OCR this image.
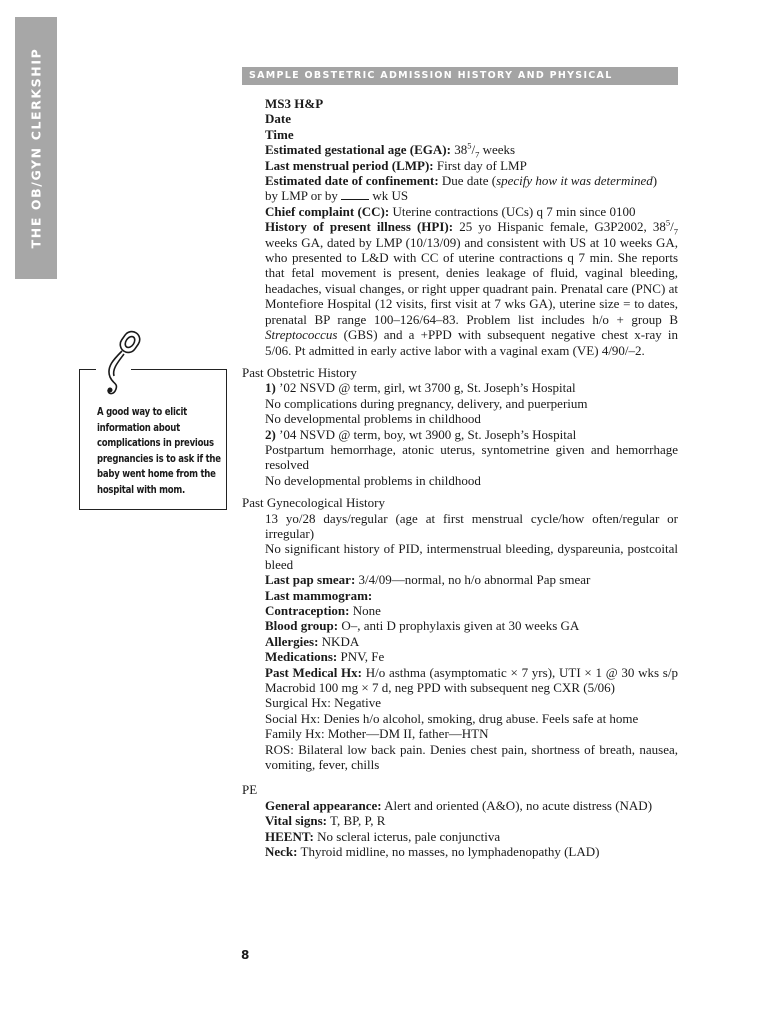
THE OB/GYN CLERKSHIP	SAMPLE OBSTETRIC ADMISSION HISTORY AND PHYSICAL

MS3 H&P

Date

Time

Estimated gestational age (EGA): $38^5/_7$ weeks

Last menstrual period (LMP): First day of LMP

Estimated date of confinement: Due date (specify how it was determined)
by LMP or by  wk US

Chief complaint (CC): Uterine contractions (UCs) q 7 min since 0100

History of present illness (HPI): 25 yo Hispanic female, G3P2002, $38^5/_7$ weeks GA, dated by LMP (10/13/09) and consistent with US at 10 weeks GA, who presented to L&D with CC of uterine contractions q 7 min. She reports that fetal movement is present, denies leakage of fluid, vaginal bleeding, headaches, visual changes, or right upper quadrant pain. Prenatal care (PNC) at Montefiore Hospital (12 visits, first visit at 7 wks GA), uterine size = to dates, prenatal BP range 100–126/64–83. Problem list includes h/o + group B Streptococcus (GBS) and a +PPD with subsequent negative chest x-ray in 5/06. Pt admitted in early active labor with a vaginal exam (VE) 4/90/–2.

Past Obstetric History

1) ’02 NSVD @ term, girl, wt 3700 g, St. Joseph’s Hospital

No complications during pregnancy, delivery, and puerperium

No developmental problems in childhood

2) ’04 NSVD @ term, boy, wt 3900 g, St. Joseph’s Hospital

Postpartum hemorrhage, atonic uterus, syntometrine given and hemorrhage resolved

No developmental problems in childhood

Past Gynecological History

13 yo/28 days/regular (age at first menstrual cycle/how often/regular or irregular)

No significant history of PID, intermenstrual bleeding, dyspareunia, postcoital bleed

Last pap smear: 3/4/09—normal, no h/o abnormal Pap smear

Last mammogram:

Contraception: None

Blood group: O–, anti D prophylaxis given at 30 weeks GA

Allergies: NKDA

Medications: PNV, Fe

Past Medical Hx: H/o asthma (asymptomatic × 7 yrs), UTI × 1 @ 30 wks s/p Macrobid 100 mg × 7 d, neg PPD with subsequent neg CXR (5/06)

Surgical Hx: Negative

Social Hx: Denies h/o alcohol, smoking, drug abuse. Feels safe at home

Family Hx: Mother—DM II, father—HTN

ROS: Bilateral low back pain. Denies chest pain, shortness of breath, nausea, vomiting, fever, chills

PE

General appearance: Alert and oriented (A&O), no acute distress (NAD)

Vital signs: T, BP, P, R

HEENT: No scleral icterus, pale conjunctiva

Neck: Thyroid midline, no masses, no lymphadenopathy (LAD)

A good way to elicit information about complications in previous pregnancies is to ask if the baby went home from the hospital with mom.
8
